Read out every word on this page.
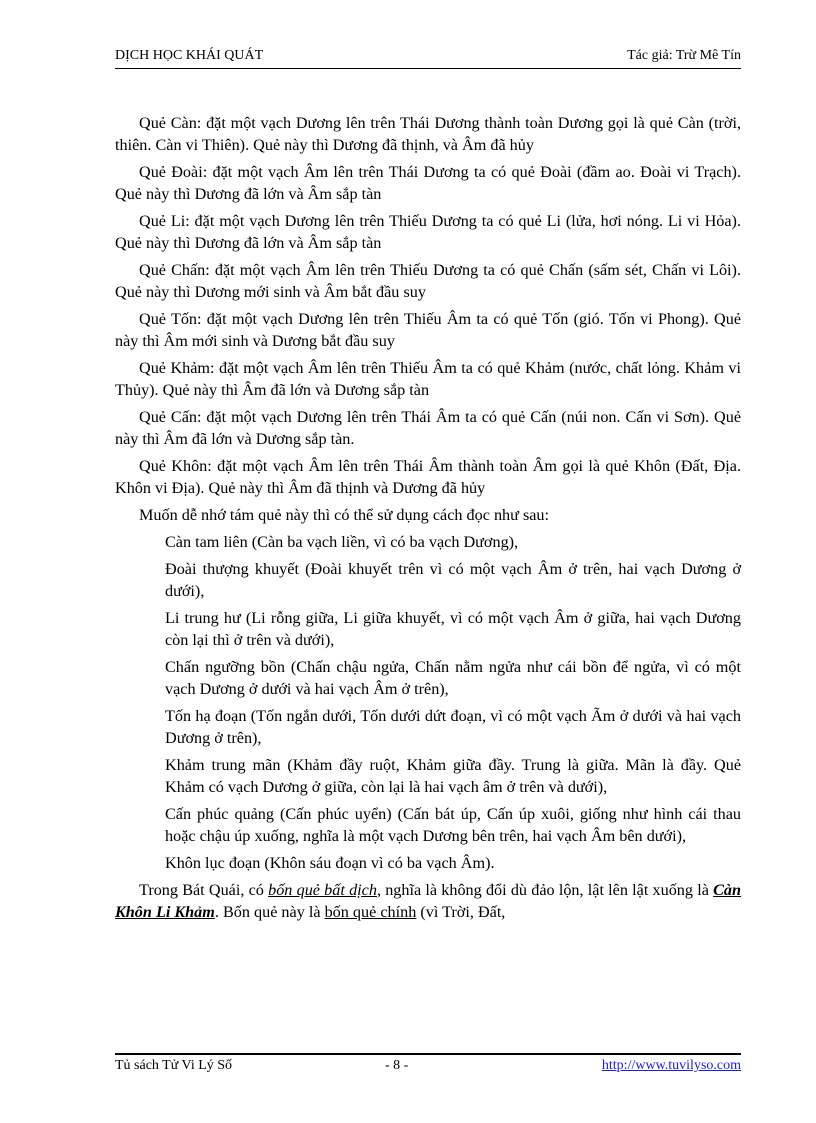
DỊCH HỌC KHÁI QUÁT	Tác giả: Trừ Mê Tín

Quẻ Càn: đặt một vạch Dương lên trên Thái Dương thành toàn Dương gọi là quẻ Càn (trời, thiên. Càn vi Thiên). Quẻ này thì Dương đã thịnh, và Âm đã hủy

Quẻ Đoài: đặt một vạch Âm lên trên Thái Dương ta có quẻ Đoài (đầm ao. Đoài vi Trạch). Quẻ này thì Dương đã lớn và Âm sắp tàn

Quẻ Li: đặt một vạch Dương lên trên Thiếu Dương ta có quẻ Li (lửa, hơi nóng. Li vi Hỏa). Quẻ này thì Dương đã lớn và Âm sắp tàn

Quẻ Chấn: đặt một vạch Âm lên trên Thiếu Dương ta có quẻ Chấn (sấm sét, Chấn vi Lôi). Quẻ này thì Dương mới sinh và Âm bắt đầu suy

Quẻ Tốn: đặt một vạch Dương lên trên Thiếu Âm ta có quẻ Tốn (gió. Tốn vi Phong). Quẻ này thì Âm mới sinh và Dương bắt đầu suy

Quẻ Khảm: đặt một vạch Âm lên trên Thiếu Âm ta có quẻ Khảm (nước, chất lỏng. Khảm vi Thủy). Quẻ này thì Âm đã lớn và Dương sắp tàn

Quẻ Cấn: đặt một vạch Dương lên trên Thái Âm ta có quẻ Cấn (núi non. Cấn vi Sơn). Quẻ này thì Âm đã lớn và Dương sắp tàn.

Quẻ Khôn: đặt một vạch Âm lên trên Thái Âm thành toàn Âm gọi là quẻ Khôn (Đất, Địa. Khôn vi Địa). Quẻ này thì Âm đã thịnh và Dương đã hủy

Muốn dễ nhớ tám quẻ này thì có thể sử dụng cách đọc như sau:

Càn tam liên (Càn ba vạch liền, vì có ba vạch Dương),

Đoài thượng khuyết (Đoài khuyết trên vì có một vạch Âm ở trên, hai vạch Dương ở dưới),

Li trung hư (Li rỗng giữa, Li giữa khuyết, vì có một vạch Âm ở giữa, hai vạch Dương còn lại thì ở trên và dưới),

Chấn ngưỡng bồn (Chấn chậu ngửa, Chấn nằm ngửa như cái bồn để ngửa, vì có một vạch Dương ở dưới và hai vạch Âm ở trên),

Tốn hạ đoạn (Tốn ngắn dưới, Tốn dưới dứt đoạn, vì có một vạch Ãm ở dưới và hai vạch Dương ở trên),

Khảm trung mãn (Khảm đầy ruột, Khảm giữa đầy. Trung là giữa. Mãn là đầy. Quẻ Khảm có vạch Dương ở giữa, còn lại là hai vạch âm ở trên và dưới),

Cấn phúc quảng (Cấn phúc uyển) (Cấn bát úp, Cấn úp xuôi, giống như hình cái thau hoặc chậu úp xuống, nghĩa là một vạch Dương bên trên, hai vạch Âm bên dưới),

Khôn lục đoạn (Khôn sáu đoạn vì có ba vạch Âm).

Trong Bát Quái, có bốn quẻ bất dịch, nghĩa là không đổi dù đảo lộn, lật lên lật xuống là Càn Khôn Li Khảm. Bốn quẻ này là bốn quẻ chính (vì Trời, Đất,

Tủ sách Tử Vi Lý Số	- 8 -	http://www.tuvilyso.com
